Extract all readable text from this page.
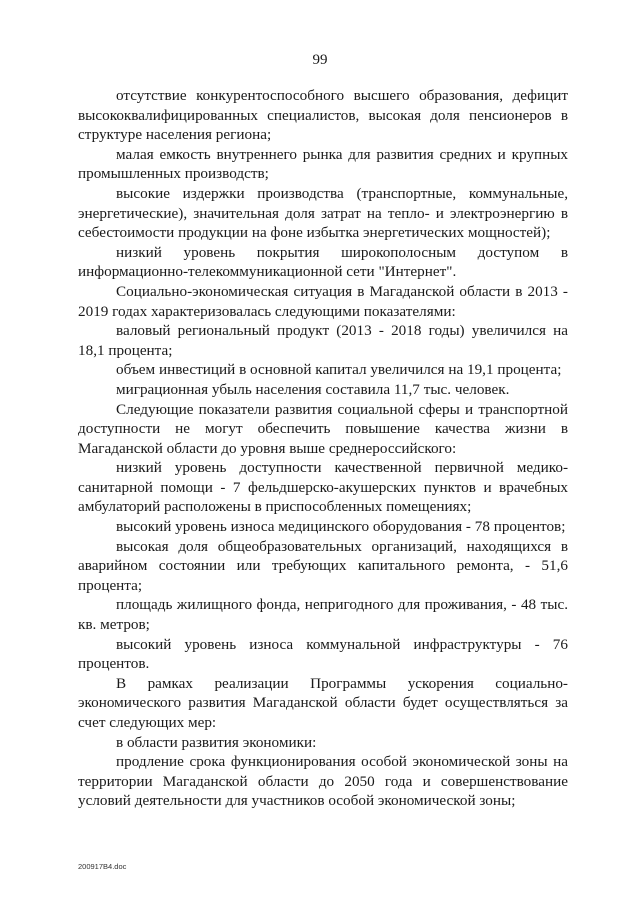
99

отсутствие конкурентоспособного высшего образования, дефицит высококвалифицированных специалистов, высокая доля пенсионеров в структуре населения региона;

малая емкость внутреннего рынка для развития средних и крупных промышленных производств;

высокие издержки производства (транспортные, коммунальные, энергетические), значительная доля затрат на тепло- и электроэнергию в себестоимости продукции на фоне избытка энергетических мощностей);

низкий уровень покрытия широкополосным доступом в информационно-телекоммуникационной сети "Интернет".

Социально-экономическая ситуация в Магаданской области в 2013 - 2019 годах характеризовалась следующими показателями:

валовый региональный продукт (2013 - 2018 годы) увеличился на 18,1 процента;

объем инвестиций в основной капитал увеличился на 19,1 процента;

миграционная убыль населения составила 11,7 тыс. человек.

Следующие показатели развития социальной сферы и транспортной доступности не могут обеспечить повышение качества жизни в Магаданской области до уровня выше среднероссийского:

низкий уровень доступности качественной первичной медико-санитарной помощи - 7 фельдшерско-акушерских пунктов и врачебных амбулаторий расположены в приспособленных помещениях;

высокий уровень износа медицинского оборудования - 78 процентов;

высокая доля общеобразовательных организаций, находящихся в аварийном состоянии или требующих капитального ремонта, - 51,6 процента;

площадь жилищного фонда, непригодного для проживания, - 48 тыс. кв. метров;

высокий уровень износа коммунальной инфраструктуры - 76 процентов.

В рамках реализации Программы ускорения социально-экономического развития Магаданской области будет осуществляться за счет следующих мер:

в области развития экономики:

продление срока функционирования особой экономической зоны на территории Магаданской области до 2050 года и совершенствование условий деятельности для участников особой экономической зоны;

200917B4.doc
